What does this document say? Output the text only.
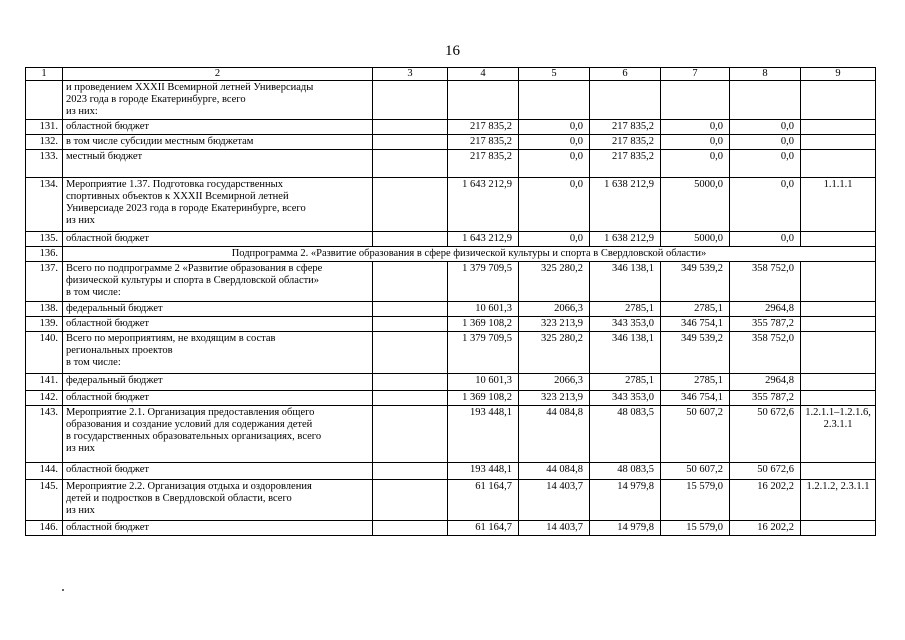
16
1	2	3	4	5	6	7	8	9

	и проведением XXXII Всемирной летней Универсиады
2023 года в городе Екатеринбурге, всего
из них:							

131.	областной бюджет		217 835,2	0,0	217 835,2	0,0	0,0	
132.	в том числе субсидии местным бюджетам		217 835,2	0,0	217 835,2	0,0	0,0	
133.	местный бюджет		217 835,2	0,0	217 835,2	0,0	0,0	
134.	Мероприятие 1.37. Подготовка государственных
спортивных объектов к XXXII Всемирной летней
Универсиаде 2023 года в городе Екатеринбурге, всего
из них		1 643 212,9	0,0	1 638 212,9	5000,0	0,0	1.1.1.1
135.	областной бюджет		1 643 212,9	0,0	1 638 212,9	5000,0	0,0	
136.	Подпрограмма 2. «Развитие образования в сфере физической культуры и спорта в Свердловской области»							
137.	Всего по подпрограмме 2 «Развитие образования в сфере
физической культуры и спорта в Свердловской области»
в том числе:		1 379 709,5	325 280,2	346 138,1	349 539,2	358 752,0	
138.	федеральный бюджет		10 601,3	2066,3	2785,1	2785,1	2964,8	
139.	областной бюджет		1 369 108,2	323 213,9	343 353,0	346 754,1	355 787,2	
140.	Всего по мероприятиям, не входящим в состав
региональных проектов
в том числе:		1 379 709,5	325 280,2	346 138,1	349 539,2	358 752,0	
141.	федеральный бюджет		10 601,3	2066,3	2785,1	2785,1	2964,8	
142.	областной бюджет		1 369 108,2	323 213,9	343 353,0	346 754,1	355 787,2	
143.	Мероприятие 2.1. Организация предоставления общего
образования и создание условий для содержания детей
в государственных образовательных организациях, всего
из них		193 448,1	44 084,8	48 083,5	50 607,2	50 672,6	1.2.1.1–1.2.1.6, 2.3.1.1
144.	областной бюджет		193 448,1	44 084,8	48 083,5	50 607,2	50 672,6	
145.	Мероприятие 2.2. Организация отдыха и оздоровления
детей и подростков в Свердловской области, всего
из них		61 164,7	14 403,7	14 979,8	15 579,0	16 202,2	1.2.1.2, 2.3.1.1
146.	областной бюджет		61 164,7	14 403,7	14 979,8	15 579,0	16 202,2	
